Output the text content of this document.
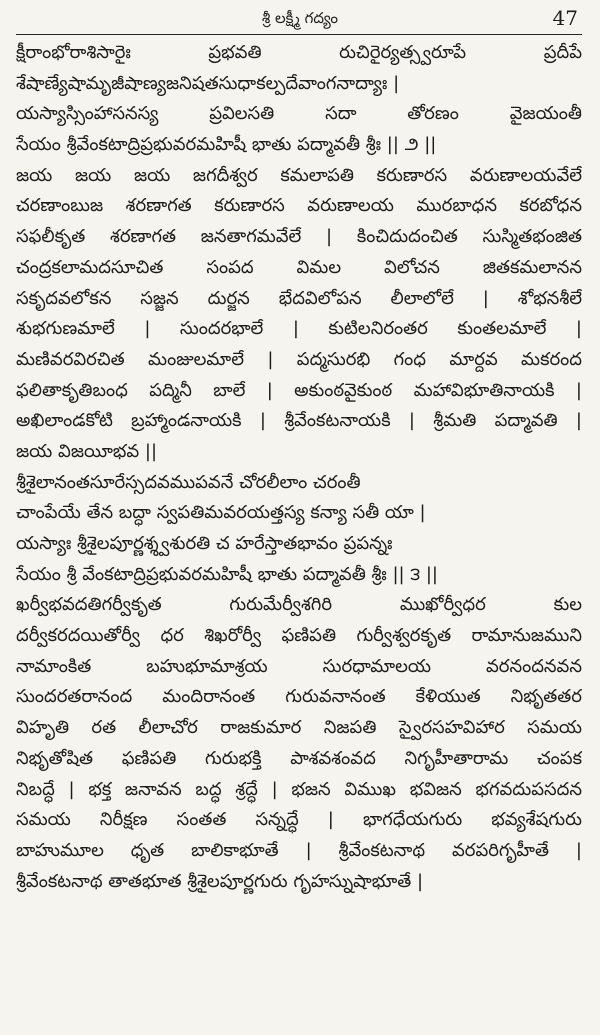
శ్రీ లక్ష్మీ గద్యం	47
క్షీరాంభోరాశిసారైః ప్రభవతి రుచిరైర్యత్స్వరూపే ప్రదీపే
శేషాణ్యేషామృజీషాణ్యజనిషతసుధాకల్పదేవాంగనాద్యాః |
యస్యాస్సింహాసనస్య ప్రవిలసతి సదా తోరణం వైజయంతీ
సేయం శ్రీవేంకటాద్రిప్రభువరమహిషీ భాతు పద్మావతీ శ్రీః || ౨ ||
జయ జయ జయ జగదీశ్వర కమలాపతి కరుణారస వరుణాలయవేలే
చరణాంబుజ శరణాగత కరుణారస వరుణాలయ మురబాధన కరబోధన
సఫలీకృత శరణాగత జనతాగమవేలే | కించిదుదంచిత సుస్మితభంజిత
చంద్రకలామదసూచిత సంపద విమల విలోచన జితకమలానన
సకృదవలోకన సజ్జన దుర్జన భేదవిలోపన లీలాలోలే | శోభనశీలే
శుభగుణమాలే | సుందరభాలే | కుటిలనిరంతర కుంతలమాలే |
మణివరవిరచిత మంజులమాలే | పద్మసురభి గంధ మార్దవ మకరంద
ఫలితాకృతిబంధ పద్మినీ బాలే | అకుంఠవైకుంఠ మహావిభూతినాయకి |
అఖిలాండకోటి బ్రహ్మాండనాయకి | శ్రీవేంకటనాయకి | శ్రీమతి పద్మావతి |
జయ విజయీభవ ||
శ్రీశైలానంతసూరేస్సదవముపవనే చోరలీలాం చరంతీ
చాంపేయే తేన బద్ధా స్వపతిమవరయత్తస్య కన్యా సతీ యా |
యస్యాః శ్రీశైలపూర్ణశ్శ్వశురతి చ హరేస్తాతభావం ప్రపన్నః
సేయం శ్రీ వేంకటాద్రిప్రభువరమహిషీ భాతు పద్మావతీ శ్రీః || ౩ ||
ఖర్వీభవదతిగర్వీకృత గురుమేర్వీశగిరి ముఖోర్వీధర కుల
దర్వీకరదయితోర్వీ ధర శిఖరోర్వీ ఫణిపతి గుర్వీశ్వరకృత రామానుజముని
నామాంకిత బహుభూమాశ్రయ సురధామాలయ వరనందనవన
సుందరతరానంద మందిరానంత గురువనానంత కేళియుత నిభృతతర
విహృతి రత లీలాచోర రాజకుమార నిజపతి స్వైరసహవిహార సమయ
నిభృతోషిత ఫణిపతి గురుభక్తి పాశవశంవద నిగృహీతారామ చంపక
నిబద్ధే | భక్త జనావన బద్ధ శ్రద్ధే | భజన విముఖ భవిజన భగవదుపసదన
సమయ నిరీక్షణ సంతత సన్నద్ధే | భాగధేయగురు భవ్యశేషగురు
బాహుమూల ధృత బాలికాభూతే | శ్రీవేంకటనాథ వరపరిగృహీతే |
శ్రీవేంకటనాథ తాతభూత శ్రీశైలపూర్ణగురు గృహస్నుషాభూతే |
